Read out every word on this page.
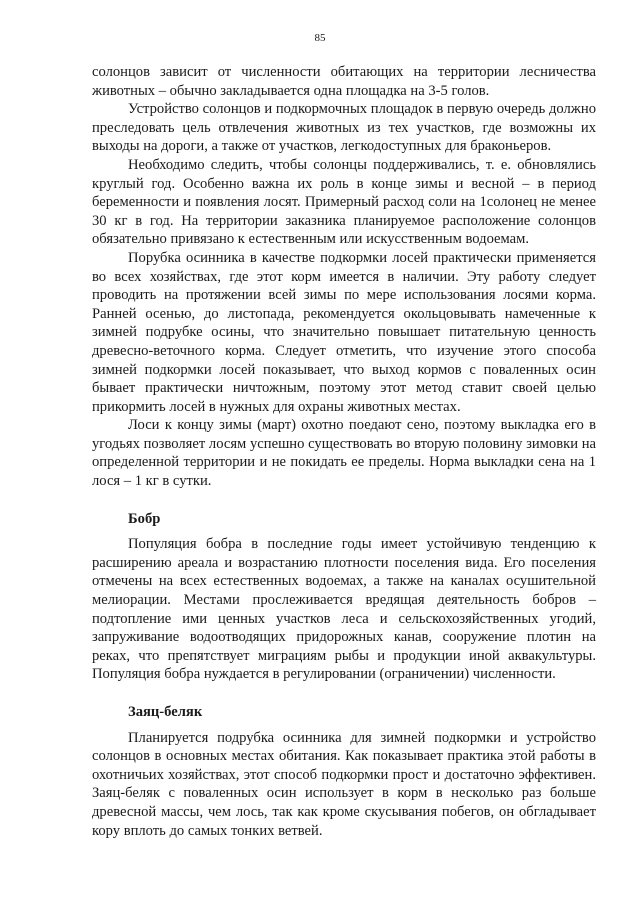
85

солонцов зависит от численности обитающих на территории лесничества животных – обычно закладывается одна площадка на 3-5 голов.

Устройство солонцов и подкормочных площадок в первую очередь должно преследовать цель отвлечения животных из тех участков, где возможны их выходы на дороги, а также от участков, легкодоступных для браконьеров.

Необходимо следить, чтобы солонцы поддерживались, т. е. обновлялись круглый год. Особенно важна их роль в конце зимы и весной – в период беременности и появления лосят. Примерный расход соли на 1солонец не менее 30 кг в год. На территории заказника планируемое расположение солонцов обязательно привязано к естественным или искусственным водоемам.

Порубка осинника в качестве подкормки лосей практически применяется во всех хозяйствах, где этот корм имеется в наличии. Эту работу следует проводить на протяжении всей зимы по мере использования лосями корма. Ранней осенью, до листопада, рекомендуется окольцовывать намеченные к зимней подрубке осины, что значительно повышает питательную ценность древесно-веточного корма. Следует отметить, что изучение этого способа зимней подкормки лосей показывает, что выход кормов с поваленных осин бывает практически ничтожным, поэтому этот метод ставит своей целью прикормить лосей в нужных для охраны животных местах.

Лоси к концу зимы (март) охотно поедают сено, поэтому выкладка его в угодьях позволяет лосям успешно существовать во вторую половину зимовки на определенной территории и не покидать ее пределы. Норма выкладки сена на 1 лося – 1 кг в сутки.

Бобр

Популяция бобра в последние годы имеет устойчивую тенденцию к расширению ареала и возрастанию плотности поселения вида. Его поселения отмечены на всех естественных водоемах, а также на каналах осушительной мелиорации. Местами прослеживается вредящая деятельность бобров – подтопление ими ценных участков леса и сельскохозяйственных угодий, запруживание водоотводящих придорожных канав, сооружение плотин на реках, что препятствует миграциям рыбы и продукции иной аквакультуры. Популяция бобра нуждается в регулировании (ограничении) численности.

Заяц-беляк

Планируется подрубка осинника для зимней подкормки и устройство солонцов в основных местах обитания. Как показывает практика этой работы в охотничьих хозяйствах, этот способ подкормки прост и достаточно эффективен. Заяц-беляк с поваленных осин использует в корм в несколько раз больше древесной массы, чем лось, так как кроме скусывания побегов, он обгладывает кору вплоть до самых тонких ветвей.
